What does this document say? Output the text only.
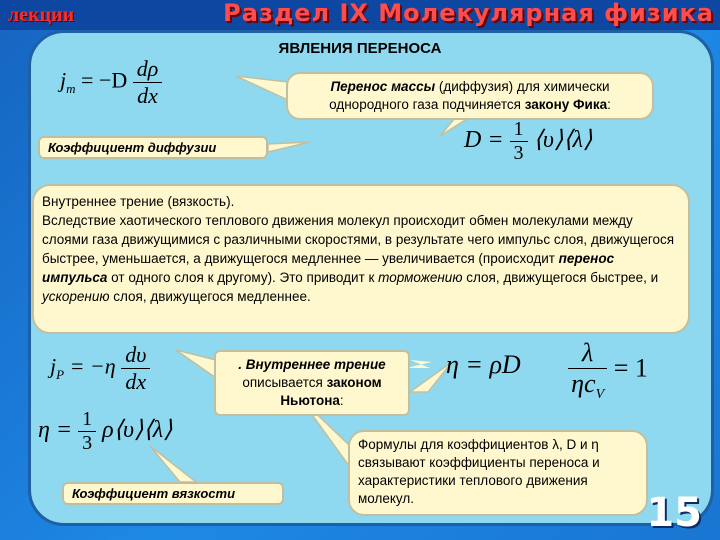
лекции	Раздел IX Молекулярная физика
ЯВЛЕНИЯ ПЕРЕНОСА
$j_m = -D \frac{d\rho}{dx}$	Перенос массы (диффузия) для химически однородного газа подчиняется закону Фика:
Коэффициент диффузии	$D = \frac{1}{3}$ ⟨υ⟩⟨λ⟩
Внутреннее трение (вязкость).
Вследствие хаотического теплового движения молекул происходит обмен молекулами между слоями газа движущимися с различными скоростями, в результате чего импульс слоя, движущегося быстрее, уменьшается, а движущегося медленнее — увеличивается (происходит перенос импульса от одного слоя к другому). Это приводит к торможению слоя, движущегося быстрее, и ускорению слоя, движущегося медленнее.
$j_P = -\eta \frac{d\upsilon}{dx}$	. Внутреннее трение
описывается законом Ньютона:
η = ρD $\frac{\lambda}{\eta c_V} = 1$
$\eta = \frac{1}{3}$ ρ⟨υ⟩⟨λ⟩
Коэффициент вязкости
Формулы для коэффициентов λ, D и η связывают коэффициенты переноса и характеристики теплового движения молекул.	15
